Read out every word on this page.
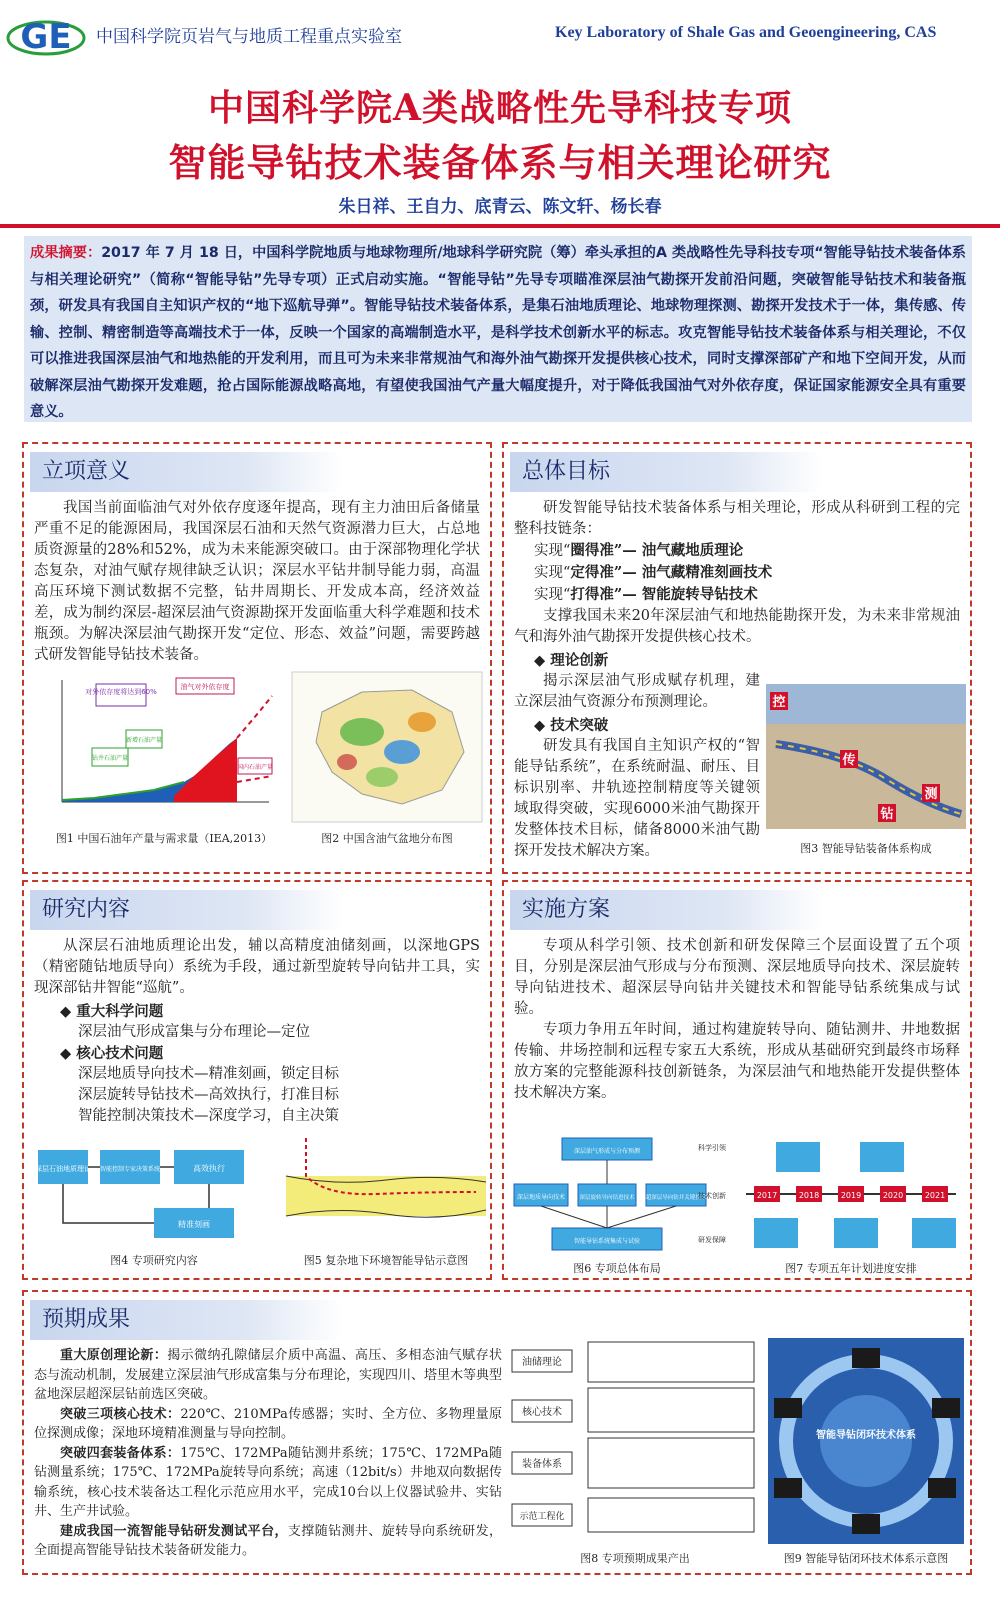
GE 中国科学院页岩气与地质工程重点实验室	Key Laboratory of Shale Gas and Geoengineering, CAS
中国科学院A类战略性先导科技专项
智能导钻技术装备体系与相关理论研究
朱日祥、王自力、底青云、陈文轩、杨长春
成果摘要：2017 年 7 月 18 日，中国科学院地质与地球物理所/地球科学研究院（筹）牵头承担的A 类战略性先导科技专项“智能导钻技术装备体系与相关理论研究”（简称“智能导钻”先导专项）正式启动实施。“智能导钻”先导专项瞄准深层油气勘探开发前沿问题，突破智能导钻技术和装备瓶颈，研发具有我国自主知识产权的“地下巡航导弹”。智能导钻技术装备体系，是集石油地质理论、地球物理探测、勘探开发技术于一体，集传感、传输、控制、精密制造等高端技术于一体，反映一个国家的高端制造水平，是科学技术创新水平的标志。攻克智能导钻技术装备体系与相关理论，不仅可以推进我国深层油气和地热能的开发利用，而且可为未来非常规油气和海外油气勘探开发提供核心技术，同时支撑深部矿产和地下空间开发，从而破解深层油气勘探开发难题，抢占国际能源战略高地，有望使我国油气产量大幅度提升，对于降低我国油气对外依存度，保证国家能源安全具有重要意义。
立项意义
我国当前面临油气对外依存度逐年提高，现有主力油田后备储量严重不足的能源困局，我国深层石油和天然气资源潜力巨大，占总地质资源量的28%和52%，成为未来能源突破口。由于深部物理化学状态复杂，对油气赋存规律缺乏认识；深层水平钻井制导能力弱，高温高压环境下测试数据不完整，钻井周期长、开发成本高，经济效益差，成为制约深层-超深层油气资源勘探开发面临重大科学难题和技术瓶颈。为解决深层油气勘探开发“定位、形态、效益”问题，需要跨越式研发智能导钻技术装备。
对外依存度将达到60%
油气对外依存度
国内石油产量
新增石油产量
钻井石油产量
图1 中国石油年产量与需求量（IEA,2013）	图2 中国含油气盆地分布图
总体目标
研发智能导钻技术装备体系与相关理论，形成从科研到工程的完整科技链条：
实现“圈得准”— 油气藏地质理论
实现“定得准”— 油气藏精准刻画技术
实现“打得准”— 智能旋转导钻技术
支撑我国未来20年深层油气和地热能勘探开发，为未来非常规油气和海外油气勘探开发提供核心技术。
◆ 理论创新
揭示深层油气形成赋存机理，建立深层油气资源分布预测理论。
◆ 技术突破
研发具有我国自主知识产权的“智能导钻系统”，在系统耐温、耐压、目标识别率、井轨迹控制精度等关键领域取得突破，实现6000米油气勘探开发整体技术目标，储备8000米油气勘探开发技术解决方案。
控
传
测
钻
图3 智能导钻装备体系构成
研究内容
从深层石油地质理论出发，辅以高精度油储刻画，以深地GPS（精密随钻地质导向）系统为手段，通过新型旋转导向钻井工具，实现深部钻井智能“巡航”。
◆ 重大科学问题
深层油气形成富集与分布理论—定位
◆ 核心技术问题
深层地质导向技术—精准刻画，锁定目标
深层旋转导钻技术—高效执行，打准目标
智能控制决策技术—深度学习，自主决策
深层石油地质理论 智能控制专家决策系统	高效执行
精准刻画
图4 专项研究内容	图5 复杂地下环境智能导钻示意图
实施方案
专项从科学引领、技术创新和研发保障三个层面设置了五个项目，分别是深层油气形成与分布预测、深层地质导向技术、深层旋转导向钻进技术、超深层导向钻井关键技术和智能导钻系统集成与试验。
专项力争用五年时间，通过构建旋转导向、随钻测井、井地数据传输、井场控制和远程专家五大系统，形成从基础研究到最终市场释放方案的完整能源科技创新链条，为深层油气和地热能开发提供整体技术解决方案。
深层油气形成与分布预测
深层地质导向技术	深层旋转导向钻进技术 超深层导向钻井关键技术
智能导钻系统集成与试验
科学引领
技术创新
研发保障
2017	2018	2019	2020	2021
图6 专项总体布局	图7 专项五年计划进度安排
预期成果
重大原创理论新：揭示微纳孔隙储层介质中高温、高压、多相态油气赋存状态与流动机制，发展建立深层油气形成富集与分布理论，实现四川、塔里木等典型盆地深层超深层钻前选区突破。
突破三项核心技术：220℃、210MPa传感器；实时、全方位、多物理量原位探测成像；深地环境精准测量与导向控制。
突破四套装备体系：175℃、172MPa随钻测井系统；175℃、172MPa随钻测量系统；175℃、172MPa旋转导向系统；高速（12bit/s）井地双向数据传输系统，核心技术装备达工程化示范应用水平，完成10台以上仪器试验井、实钻井、生产井试验。
建成我国一流智能导钻研发测试平台，支撑随钻测井、旋转导向系统研发，全面提高智能导钻技术装备研发能力。
油储理论
核心技术
装备体系
示范工程化
智能导钻闭环技术体系
图8 专项预期成果产出	图9 智能导钻闭环技术体系示意图
